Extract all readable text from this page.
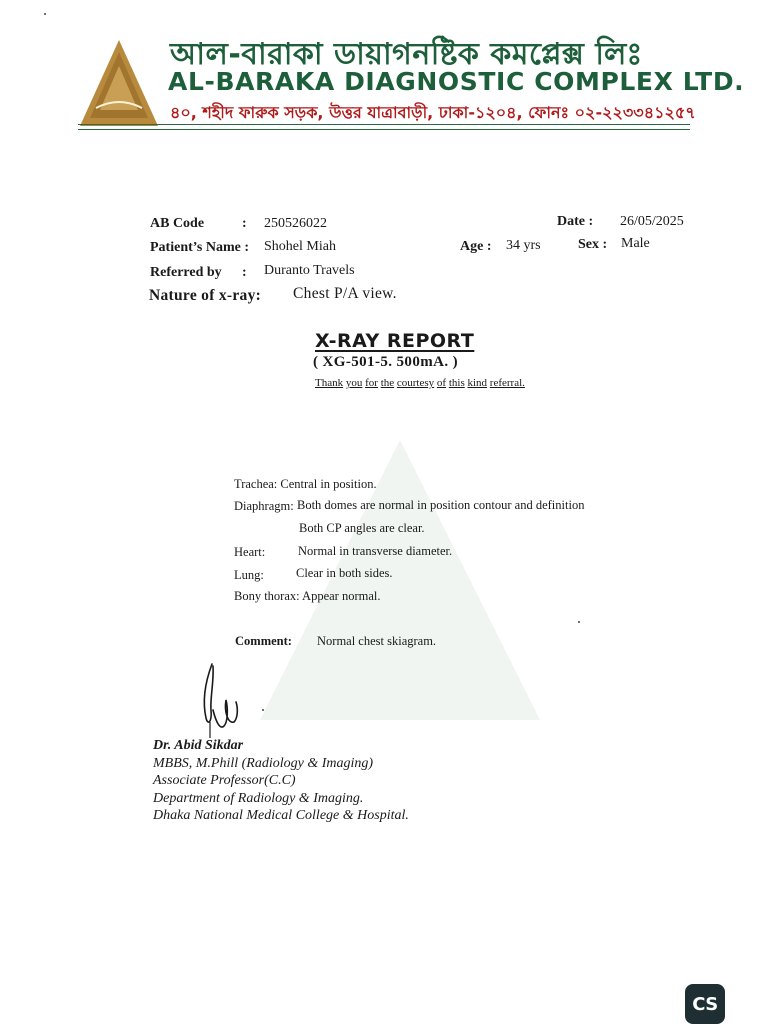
আল-বারাকা ডায়াগনষ্টিক কমপ্লেক্স লিঃ
AL-BARAKA DIAGNOSTIC COMPLEX LTD.
৪০, শহীদ ফারুক সড়ক, উত্তর যাত্রাবাড়ী, ঢাকা-১২০৪, ফোনঃ ০২-২২৩৩৪১২৫৭
AB Code	: 250526022	Date : 26/05/2025
Patient’s Name : Shohel Miah	Age : 34 yrs	Sex : Male
Referred by : Duranto Travels
Nature of x-ray: Chest P/A view.
X-RAY REPORT
( XG-501-5. 500mA. )
Thank you for the courtesy of this kind referral.
Trachea: Central in position.
Diaphragm: Both domes are normal in position contour and definition
Both CP angles are clear.
Heart:	Normal in transverse diameter.
Lung:	Clear in both sides.
Bony thorax: Appear normal.
Comment: Normal chest skiagram.
Dr. Abid Sikdar
MBBS, M.Phill (Radiology & Imaging)
Associate Professor(C.C)
Department of Radiology & Imaging.
Dhaka National Medical College & Hospital.
CS
